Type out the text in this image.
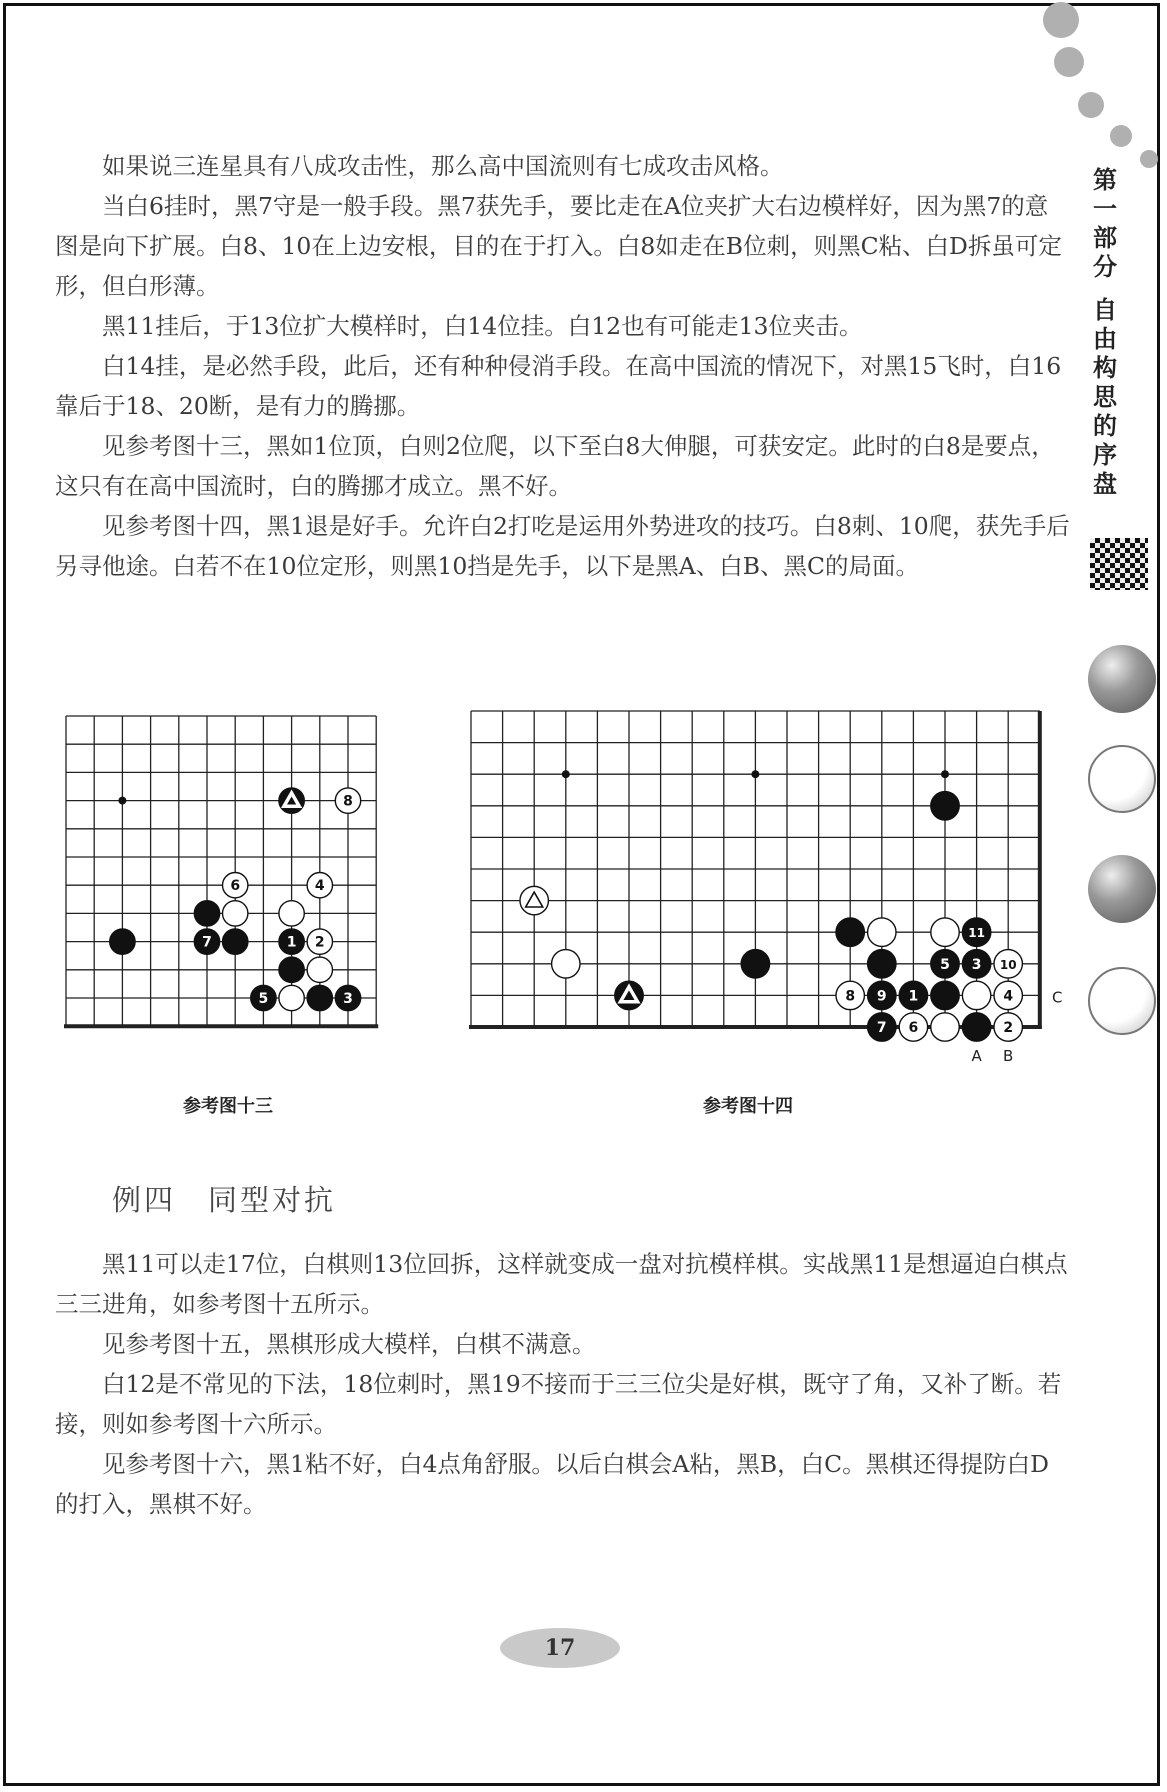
第
一
部
分
自
由
构
思
的
序
盘

如果说三连星具有八成攻击性，那么高中国流则有七成攻击风格。

当白6挂时，黑7守是一般手段。黑7获先手，要比走在A位夹扩大右边模样好，因为黑7的意图是向下扩展。白8、10在上边安根，目的在于打入。白8如走在B位刺，则黑C粘、白D拆虽可定形，但白形薄。

黑11挂后，于13位扩大模样时，白14位挂。白12也有可能走13位夹击。

白14挂，是必然手段，此后，还有种种侵消手段。在高中国流的情况下，对黑15飞时，白16靠后于18、20断，是有力的腾挪。

见参考图十三，黑如1位顶，白则2位爬，以下至白8大伸腿，可获安定。此时的白8是要点，这只有在高中国流时，白的腾挪才成立。黑不好。

见参考图十四，黑1退是好手。允许白2打吃是运用外势进攻的技巧。白8刺、10爬，获先手后另寻他途。白若不在10位定形，则黑10挡是先手，以下是黑A、白B、黑C的局面。

7
6
8
4
1 2
5	3
参考图十三
11
5 3 10
8 9 1	4
7 6	2
A B
C
参考图十四
例四　同型对抗

黑11可以走17位，白棋则13位回拆，这样就变成一盘对抗模样棋。实战黑11是想逼迫白棋点三三进角，如参考图十五所示。

见参考图十五，黑棋形成大模样，白棋不满意。

白12是不常见的下法，18位刺时，黑19不接而于三三位尖是好棋，既守了角，又补了断。若接，则如参考图十六所示。

见参考图十六，黑1粘不好，白4点角舒服。以后白棋会A粘，黑B，白C。黑棋还得提防白D的打入，黑棋不好。

17
